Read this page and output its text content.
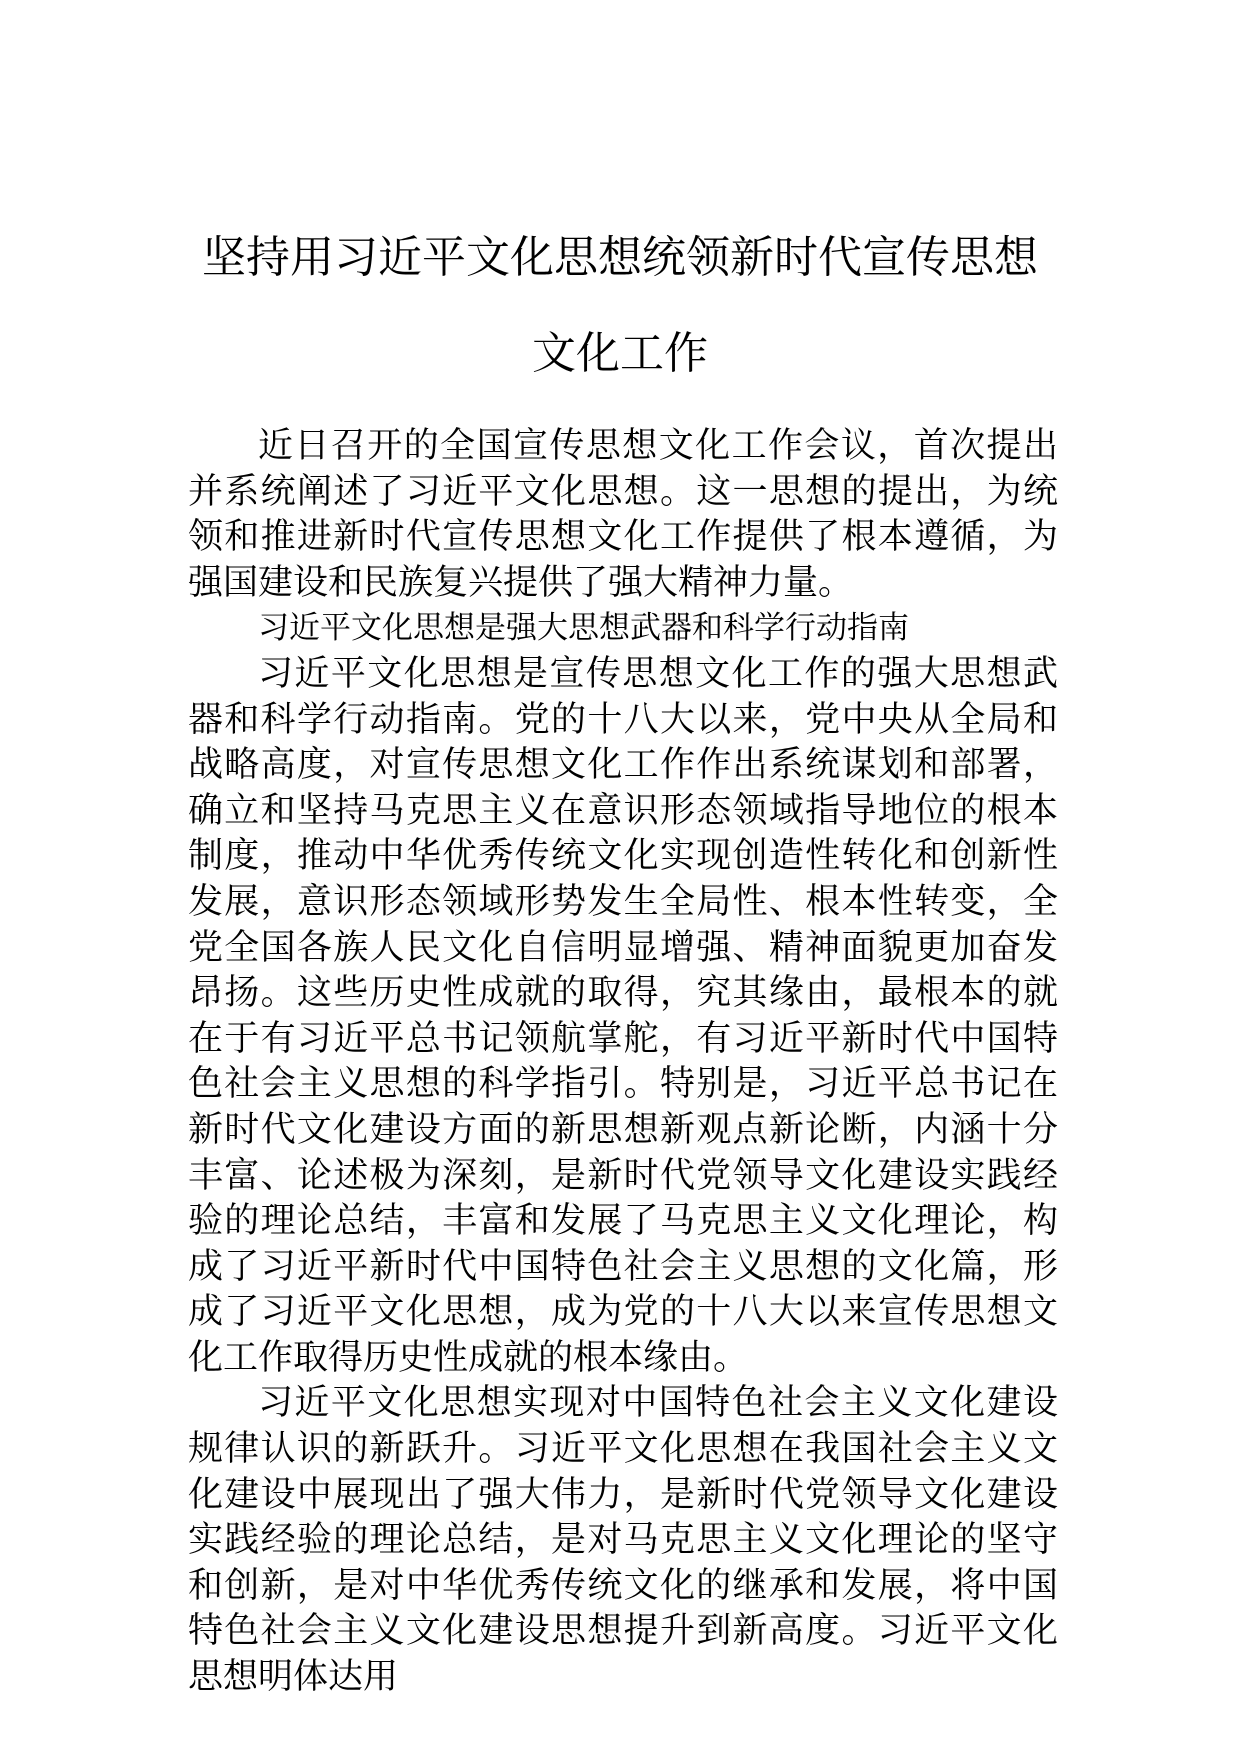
坚持用习近平文化思想统领新时代宣传思想文化工作

近日召开的全国宣传思想文化工作会议，首次提出并系统阐述了习近平文化思想。这一思想的提出，为统领和推进新时代宣传思想文化工作提供了根本遵循，为强国建设和民族复兴提供了强大精神力量。

习近平文化思想是强大思想武器和科学行动指南

习近平文化思想是宣传思想文化工作的强大思想武器和科学行动指南。党的十八大以来，党中央从全局和战略高度，对宣传思想文化工作作出系统谋划和部署，确立和坚持马克思主义在意识形态领域指导地位的根本制度，推动中华优秀传统文化实现创造性转化和创新性发展，意识形态领域形势发生全局性、根本性转变，全党全国各族人民文化自信明显增强、精神面貌更加奋发昂扬。这些历史性成就的取得，究其缘由，最根本的就在于有习近平总书记领航掌舵，有习近平新时代中国特色社会主义思想的科学指引。特别是，习近平总书记在新时代文化建设方面的新思想新观点新论断，内涵十分丰富、论述极为深刻，是新时代党领导文化建设实践经验的理论总结，丰富和发展了马克思主义文化理论，构成了习近平新时代中国特色社会主义思想的文化篇，形成了习近平文化思想，成为党的十八大以来宣传思想文化工作取得历史性成就的根本缘由。

习近平文化思想实现对中国特色社会主义文化建设规律认识的新跃升。习近平文化思想在我国社会主义文化建设中展现出了强大伟力，是新时代党领导文化建设实践经验的理论总结，是对马克思主义文化理论的坚守和创新，是对中华优秀传统文化的继承和发展，将中国特色社会主义文化建设思想提升到新高度。习近平文化思想明体达用
